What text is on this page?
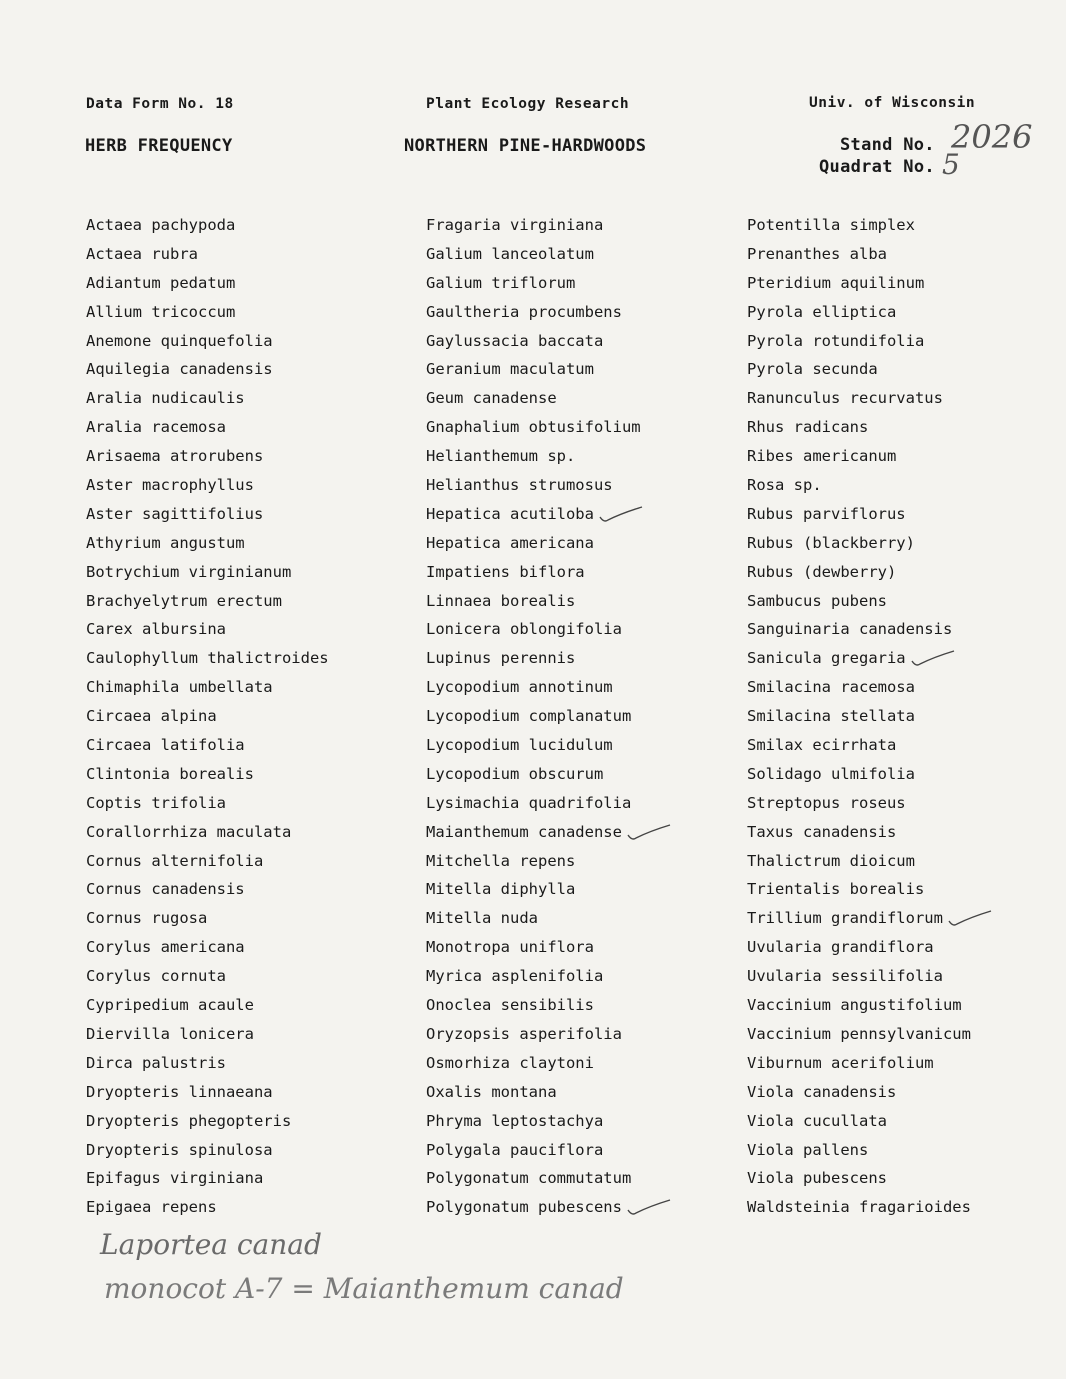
Data Form No. 18	Plant Ecology Research	Univ. of Wisconsin
HERB FREQUENCY	NORTHERN PINE-HARDWOODS	Stand No. 2026
Quadrat No. 5
Actaea pachypoda
Actaea rubra
Adiantum pedatum
Allium tricoccum
Anemone quinquefolia
Aquilegia canadensis
Aralia nudicaulis
Aralia racemosa
Arisaema atrorubens
Aster macrophyllus
Aster sagittifolius
Athyrium angustum
Botrychium virginianum
Brachyelytrum erectum
Carex albursina
Caulophyllum thalictroides
Chimaphila umbellata
Circaea alpina
Circaea latifolia
Clintonia borealis
Coptis trifolia
Corallorrhiza maculata
Cornus alternifolia
Cornus canadensis
Cornus rugosa
Corylus americana
Corylus cornuta
Cypripedium acaule
Diervilla lonicera
Dirca palustris
Dryopteris linnaeana
Dryopteris phegopteris
Dryopteris spinulosa
Epifagus virginiana
Epigaea repens
Fragaria virginiana
Galium lanceolatum
Galium triflorum
Gaultheria procumbens
Gaylussacia baccata
Geranium maculatum
Geum canadense
Gnaphalium obtusifolium
Helianthemum sp.
Helianthus strumosus
Hepatica acutiloba
Hepatica americana
Impatiens biflora
Linnaea borealis
Lonicera oblongifolia
Lupinus perennis
Lycopodium annotinum
Lycopodium complanatum
Lycopodium lucidulum
Lycopodium obscurum
Lysimachia quadrifolia
Maianthemum canadense
Mitchella repens
Mitella diphylla
Mitella nuda
Monotropa uniflora
Myrica asplenifolia
Onoclea sensibilis
Oryzopsis asperifolia
Osmorhiza claytoni
Oxalis montana
Phryma leptostachya
Polygala pauciflora
Polygonatum commutatum
Polygonatum pubescens
Potentilla simplex
Prenanthes alba
Pteridium aquilinum
Pyrola elliptica
Pyrola rotundifolia
Pyrola secunda
Ranunculus recurvatus
Rhus radicans
Ribes americanum
Rosa sp.
Rubus parviflorus
Rubus (blackberry)
Rubus (dewberry)
Sambucus pubens
Sanguinaria canadensis
Sanicula gregaria
Smilacina racemosa
Smilacina stellata
Smilax ecirrhata
Solidago ulmifolia
Streptopus roseus
Taxus canadensis
Thalictrum dioicum
Trientalis borealis
Trillium grandiflorum
Uvularia grandiflora
Uvularia sessilifolia
Vaccinium angustifolium
Vaccinium pennsylvanicum
Viburnum acerifolium
Viola canadensis
Viola cucullata
Viola pallens
Viola pubescens
Waldsteinia fragarioides
Laportea canad
monocot A-7 = Maianthemum canad
